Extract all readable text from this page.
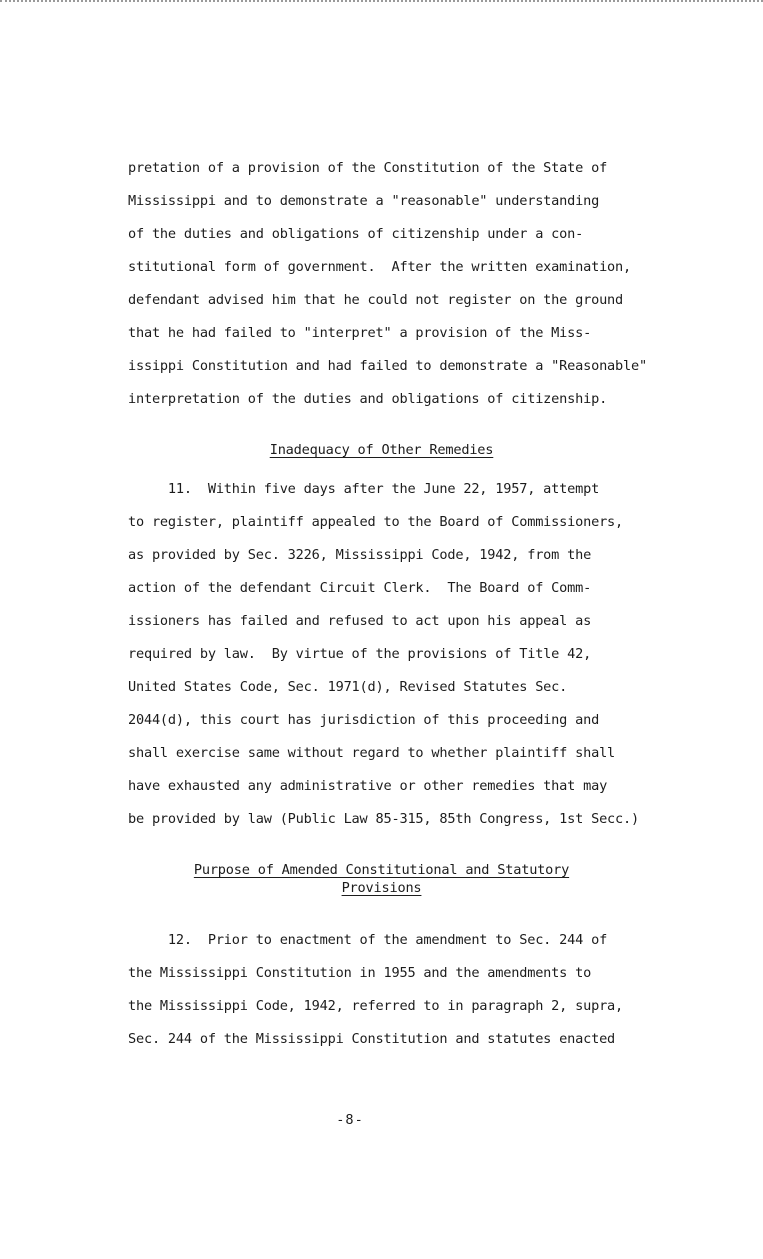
pretation of a provision of the Constitution of the State of
Mississippi and to demonstrate a "reasonable" understanding
of the duties and obligations of citizenship under a con-
stitutional form of government.  After the written examination,
defendant advised him that he could not register on the ground
that he had failed to "interpret" a provision of the Miss-
issippi Constitution and had failed to demonstrate a "Reasonable"
interpretation of the duties and obligations of citizenship.
Inadequacy of Other Remedies
11.  Within five days after the June 22, 1957, attempt
to register, plaintiff appealed to the Board of Commissioners,
as provided by Sec. 3226, Mississippi Code, 1942, from the
action of the defendant Circuit Clerk.  The Board of Comm-
issioners has failed and refused to act upon his appeal as
required by law.  By virtue of the provisions of Title 42,
United States Code, Sec. 1971(d), Revised Statutes Sec.
2044(d), this court has jurisdiction of this proceeding and
shall exercise same without regard to whether plaintiff shall
have exhausted any administrative or other remedies that may
be provided by law (Public Law 85-315, 85th Congress, 1st Secc.)
Purpose of Amended Constitutional and Statutory
Provisions
12.  Prior to enactment of the amendment to Sec. 244 of
the Mississippi Constitution in 1955 and the amendments to
the Mississippi Code, 1942, referred to in paragraph 2, supra,
Sec. 244 of the Mississippi Constitution and statutes enacted
-8-
